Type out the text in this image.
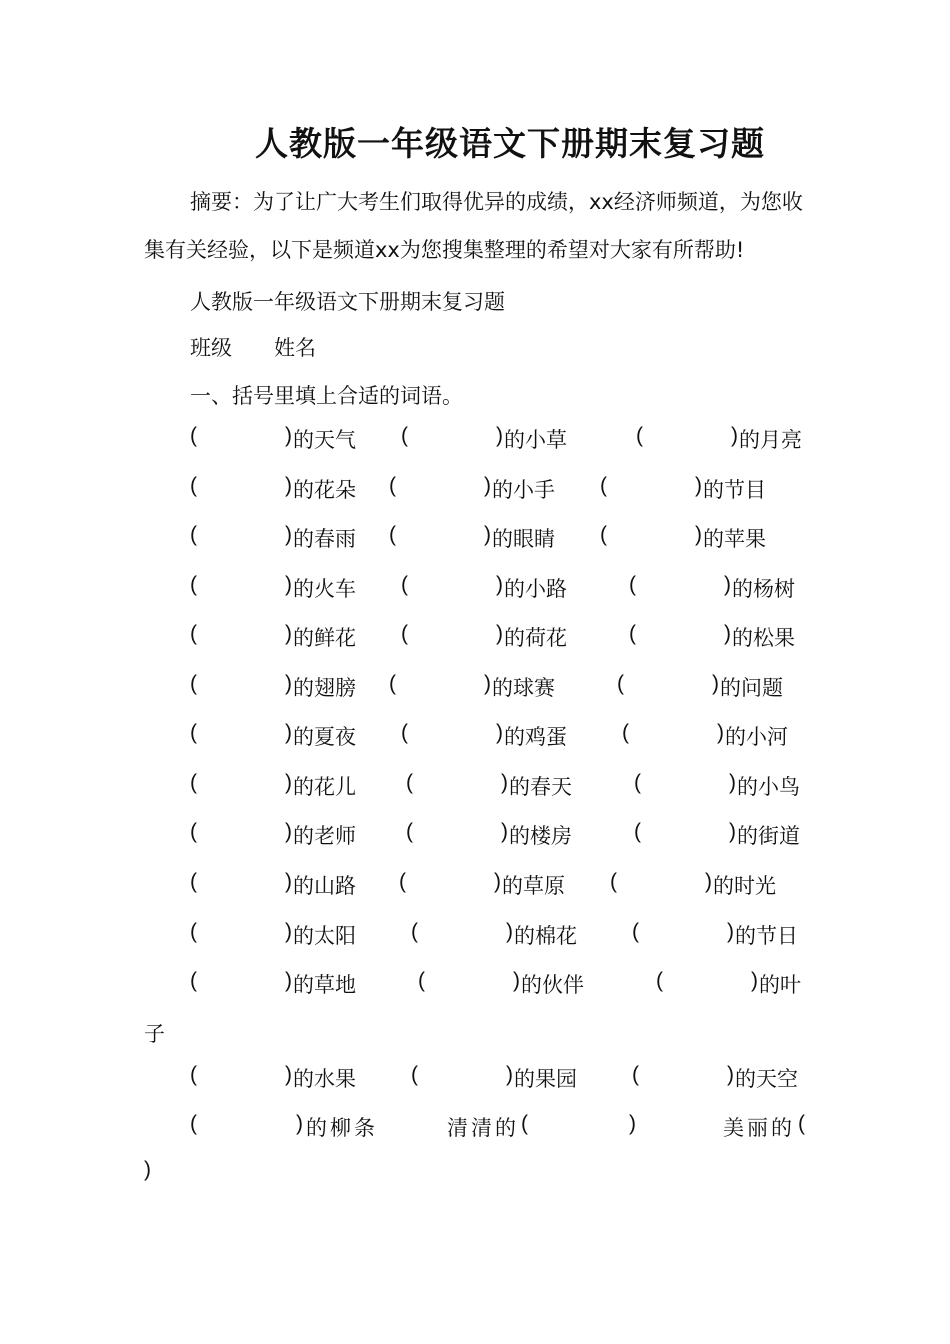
人教版一年级语文下册期末复习题
摘要：为了让广大考生们取得优异的成绩，xx经济师频道，为您收集有关经验，以下是频道xx为您搜集整理的希望对大家有所帮助!
人教版一年级语文下册期末复习题
班级 姓名
一、括号里填上合适的词语。
(	) 的天气 (	) 的小草	(	) 的月亮
(	) 的花朵 (	) 的小手 (	) 的节目
(	) 的春雨 (	) 的眼睛 (	) 的苹果
(	) 的火车 (	) 的小路	(	) 的杨树
(	) 的鲜花 (	) 的荷花	(	) 的松果
(	) 的翅膀 (	) 的球赛	(	) 的问题
(	) 的夏夜 (	) 的鸡蛋	(	) 的小河
(	) 的花儿 (	) 的春天	(	) 的小鸟
(	) 的老师 (	) 的楼房	(	) 的街道
(	) 的山路 (	) 的草原 (	) 的时光
(	) 的太阳	(	) 的棉花	(	) 的节日
(	) 的草地	(	) 的伙伴	(	) 的叶
(	) 的水果	(	) 的果园	(	) 的天空
子
(	) 的柳条	清清的 (	)	美丽的 (
)
